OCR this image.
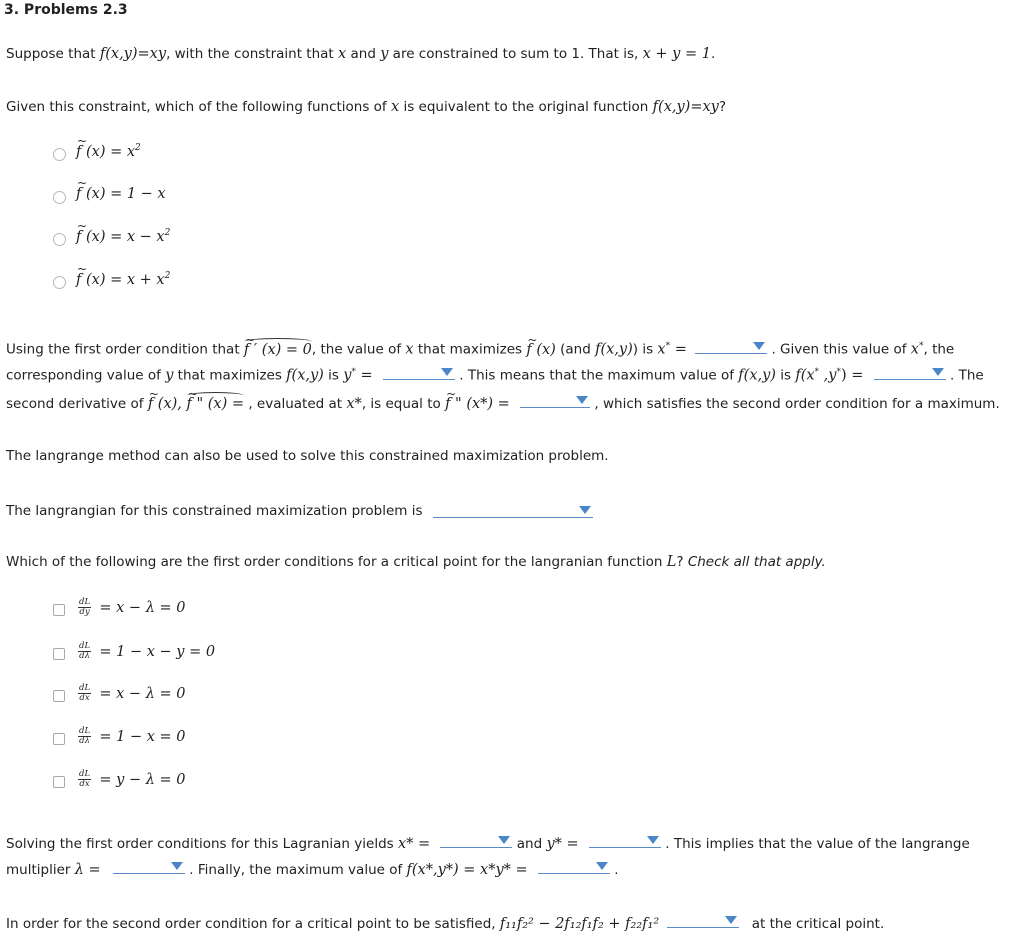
3. Problems 2.3
Suppose that f(x,y)=xy, with the constraint that x and y are constrained to sum to 1. That is, x + y = 1.
Given this constraint, which of the following functions of x is equivalent to the original function f(x,y)=xy?
~ f $(x) = x^2$
~ f (x) = 1 − x
~ f $(x) = x - x^2$
~ f $(x) = x + x^2$
Using the first order condition that ~ f ′ (x) = 0, the value of x that maximizes ~ f (x) (and f(x,y)) is x* =	. Given this value of x*, the
corresponding value of y that maximizes f(x,y) is y* =	. This means that the maximum value of f(x,y) is f(x* ,y*) =	. The
second derivative of ~ f (x), ~ f " (x) = , evaluated at x*, is equal to ~ f " (x*) =	, which satisfies the second order condition for a maximum.
The langrange method can also be used to solve this constrained maximization problem.
The langrangian for this constrained maximization problem is
Which of the following are the first order conditions for a critical point for the langranian function L? Check all that apply.
$\frac{dL}{dy} = x - \lambda = 0$
$\frac{dL}{d\lambda} = 1 - x - y = 0$
$\frac{dL}{dx} = x - \lambda = 0$
$\frac{dL}{d\lambda} = 1 - x = 0$
$\frac{dL}{dx} = y - \lambda = 0$
Solving the first order conditions for this Lagranian yields x* =	and y* =	. This implies that the value of the langrange
multiplier λ =	. Finally, the maximum value of f(x*,y*) = x*y* =	.
In order for the second order condition for a critical point to be satisfied, f₁₁f₂² − 2f₁₂f₁f₂ + f₂₂f₁²	at the critical point.
